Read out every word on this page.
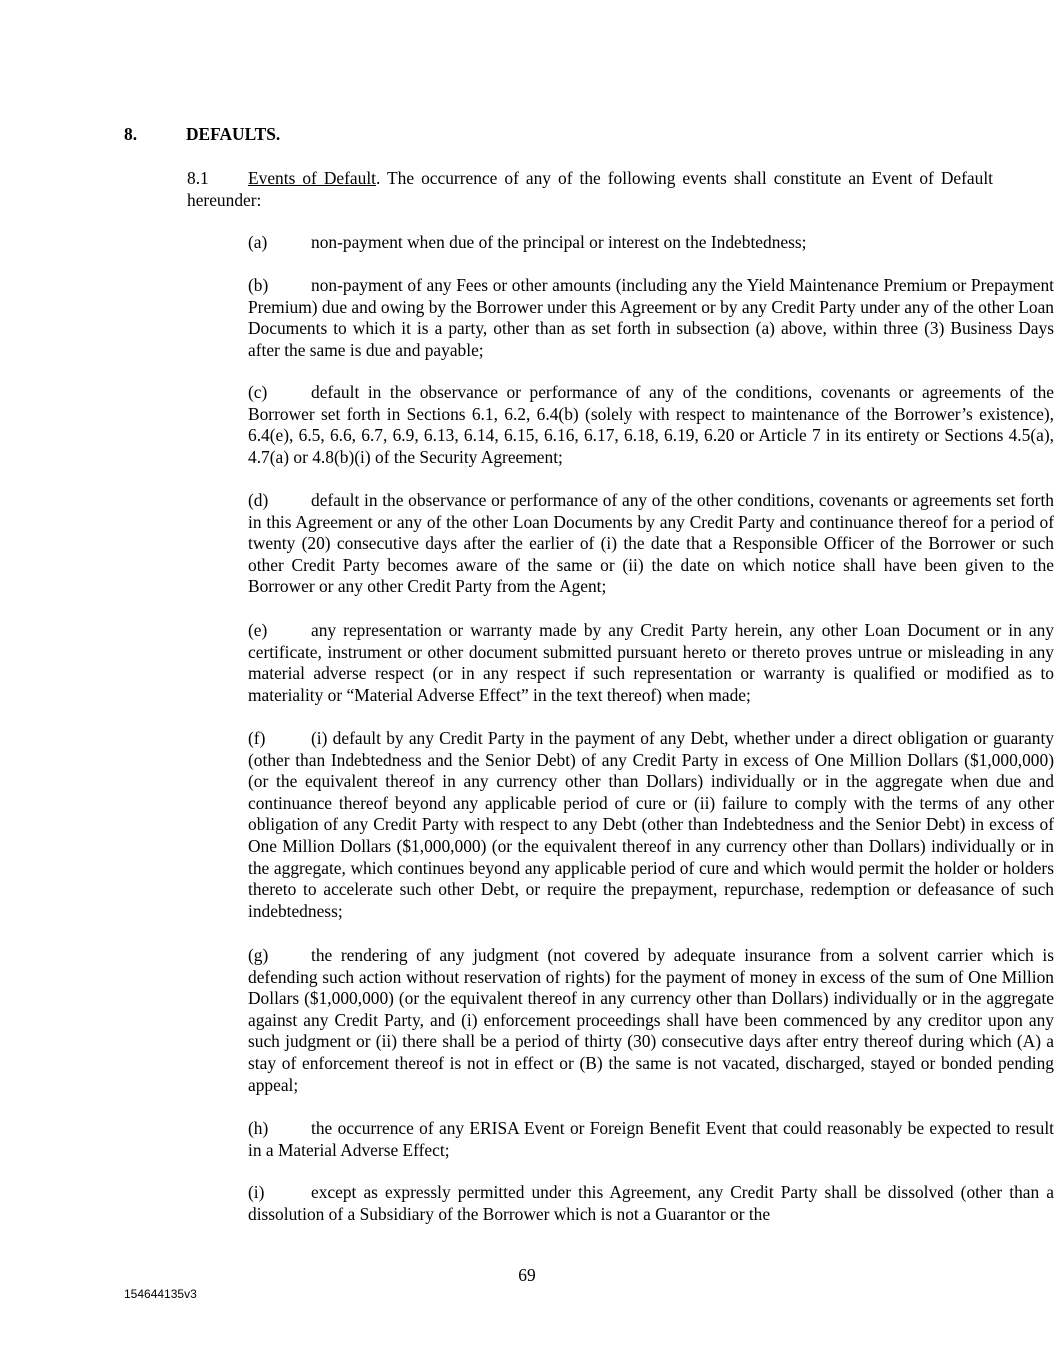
8.	DEFAULTS.

8.1 Events of Default. The occurrence of any of the following events shall constitute an Event of Default hereunder:

(a)	non-payment when due of the principal or interest on the Indebtedness;

(b) non-payment of any Fees or other amounts (including any the Yield Maintenance Premium or Prepayment Premium) due and owing by the Borrower under this Agreement or by any Credit Party under any of the other Loan Documents to which it is a party, other than as set forth in subsection (a) above, within three (3) Business Days after the same is due and payable;

(c)	default in the observance or performance of any of the conditions, covenants or agreements of the Borrower set forth in Sections 6.1, 6.2, 6.4(b) (solely with respect to maintenance of the Borrower’s existence), 6.4(e), 6.5, 6.6, 6.7, 6.9, 6.13, 6.14, 6.15, 6.16, 6.17, 6.18, 6.19, 6.20 or Article 7 in its entirety or Sections 4.5(a), 4.7(a) or 4.8(b)(i) of the Security Agreement;

(d) default in the observance or performance of any of the other conditions, covenants or agreements set forth in this Agreement or any of the other Loan Documents by any Credit Party and continuance thereof for a period of twenty (20) consecutive days after the earlier of (i) the date that a Responsible Officer of the Borrower or such other Credit Party becomes aware of the same or (ii) the date on which notice shall have been given to the Borrower or any other Credit Party from the Agent;

(e)	any representation or warranty made by any Credit Party herein, any other Loan Document or in any certificate, instrument or other document submitted pursuant hereto or thereto proves untrue or misleading in any material adverse respect (or in any respect if such representation or warranty is qualified or modified as to materiality or “Material Adverse Effect” in the text thereof) when made;

(f)	(i) default by any Credit Party in the payment of any Debt, whether under a direct obligation or guaranty (other than Indebtedness and the Senior Debt) of any Credit Party in excess of One Million Dollars ($1,000,000) (or the equivalent thereof in any currency other than Dollars) individually or in the aggregate when due and continuance thereof beyond any applicable period of cure or (ii) failure to comply with the terms of any other obligation of any Credit Party with respect to any Debt (other than Indebtedness and the Senior Debt) in excess of One Million Dollars ($1,000,000) (or the equivalent thereof in any currency other than Dollars) individually or in the aggregate, which continues beyond any applicable period of cure and which would permit the holder or holders thereto to accelerate such other Debt, or require the prepayment, repurchase, redemption or defeasance of such indebtedness;

(g) the rendering of any judgment (not covered by adequate insurance from a solvent carrier which is defending such action without reservation of rights) for the payment of money in excess of the sum of One Million Dollars ($1,000,000) (or the equivalent thereof in any currency other than Dollars) individually or in the aggregate against any Credit Party, and (i) enforcement proceedings shall have been commenced by any creditor upon any such judgment or (ii) there shall be a period of thirty (30) consecutive days after entry thereof during which (A) a stay of enforcement thereof is not in effect or (B) the same is not vacated, discharged, stayed or bonded pending appeal;

(h) the occurrence of any ERISA Event or Foreign Benefit Event that could reasonably be expected to result in a Material Adverse Effect;

(i)	except as expressly permitted under this Agreement, any Credit Party shall be dissolved (other than a dissolution of a Subsidiary of the Borrower which is not a Guarantor or the

69
154644135v3
